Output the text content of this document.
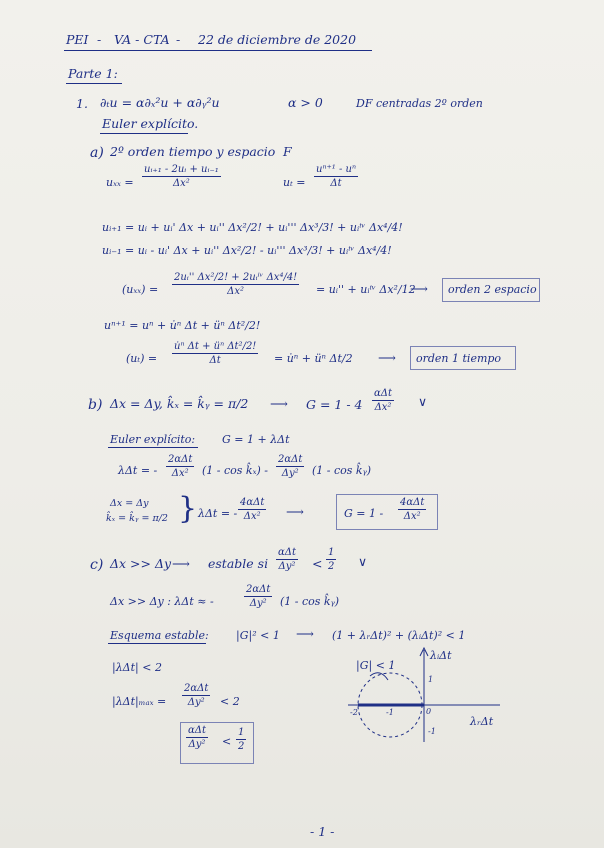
PEI - VA - CTA - 22 de diciembre de 2020
Parte 1:
1. ∂ₜu = α∂ₓ²u + α∂ᵧ²u	α > 0	DF centradas 2º orden
Euler explícito.
a) 2º orden tiempo y espacio F
$u_{xx} = \frac{\text{uᵢ₊₁ - 2uᵢ + uᵢ₋₁}}{\text{Δx²}}$	$u_t = \frac{\text{uⁿ⁺¹ - uⁿ}}{\Delta t}$
uᵢ₊₁ = uᵢ + uᵢ' Δx + uᵢ'' Δx²/2! + uᵢ''' Δx³/3! + uᵢⁱᵛ Δx⁴/4!
uᵢ₋₁ = uᵢ - uᵢ' Δx + uᵢ'' Δx²/2! - uᵢ''' Δx³/3! + uᵢⁱᵛ Δx⁴/4!
(uₓₓ) =
2uᵢ'' Δx²/2! + 2uᵢⁱᵛ Δx⁴/4!
Δx²	= uᵢ'' + uᵢⁱᵛ Δx²/12
⟶ orden 2 espacio
uⁿ⁺¹ = uⁿ + u̇ⁿ Δt + üⁿ Δt²/2!
$(u_t) = \frac{\text{u̇ⁿ Δt + üⁿ Δt²/2!}}{\Delta t}$ = u̇ⁿ + üⁿ Δt/2 ⟶ orden 1 tiempo
b) Δx = Δy, k̂ₓ = k̂ᵧ = π/2 ⟶ G = 1 - 4
αΔt
Δx² ∨
Euler explícito: G = 1 + λΔt
λΔt = -
2αΔt
Δx²	(1 - cos k̂ₓ) -
2αΔt
Δy²	(1 - cos k̂ᵧ)
Δx = Δy
k̂ₓ = k̂ᵧ = π/2 } λΔt = -
4αΔt
Δx²	⟶	G = 1 -
4αΔt
Δx²
c) Δx >> Δy ⟶ estable si
αΔt
$\Delta y^2 < \frac{1}{2}$ ∨
Δx >> Δy : λΔt ≈ -
2αΔt
Δy²	(1 - cos k̂ᵧ)
Esquema estable: |G|² < 1 ⟶ (1 + λᵣΔt)² + (λᵢΔt)² < 1
|λΔt| < 2
|λΔt|ₘₐₓ =
2αΔt
Δy²	< 2
αΔt
$\Delta y^2 < \frac{1}{2}$
|G| < 1
λᵢΔt
λᵣΔt
-2	-1	0
1
-1
- 1 -
